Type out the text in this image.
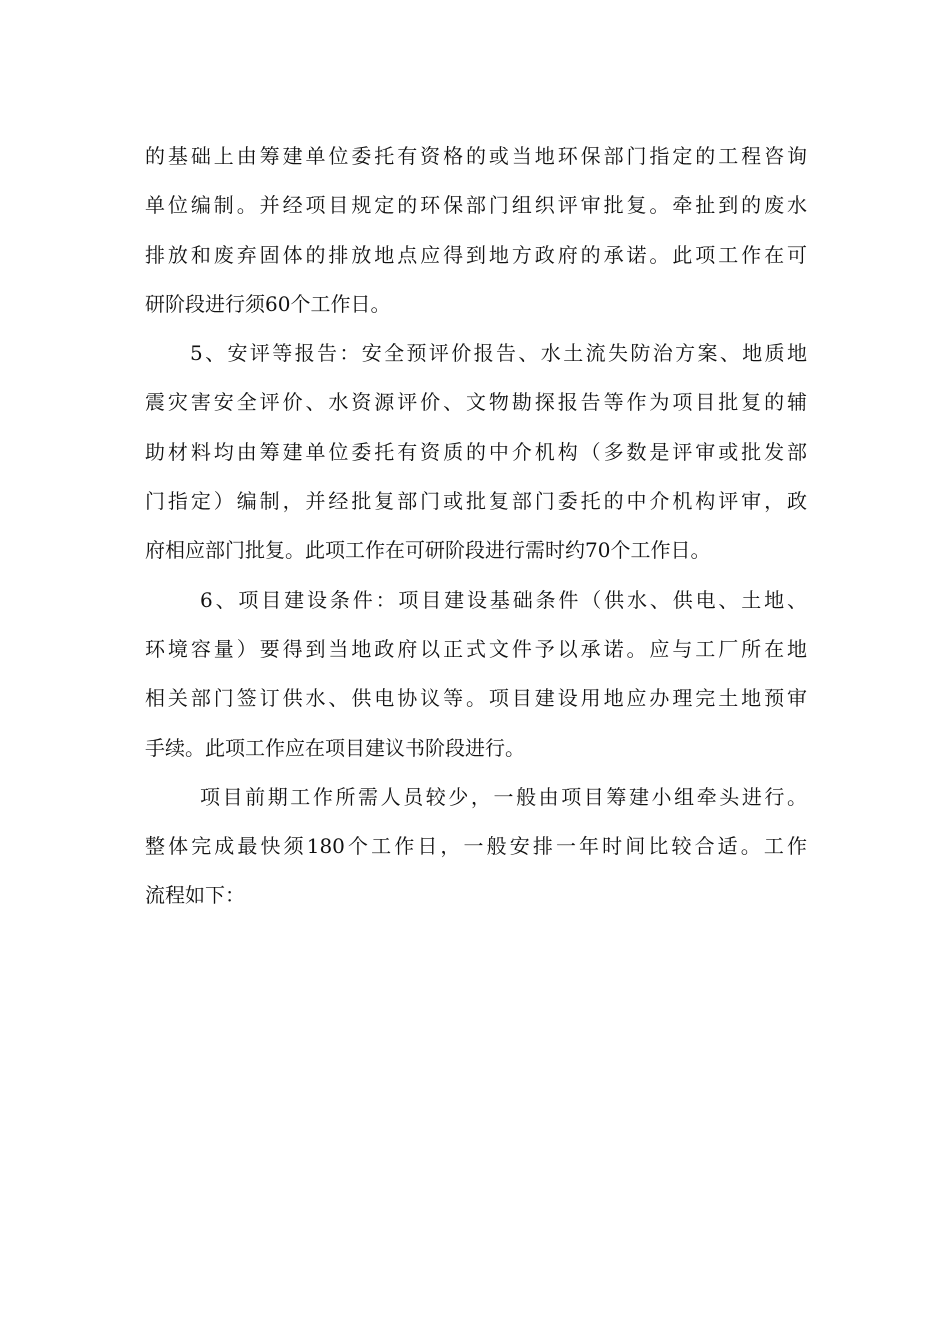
的基础上由筹建单位委托有资格的或当地环保部门指定的工程咨询
单位编制。并经项目规定的环保部门组织评审批复。牵扯到的废水
排放和废弃固体的排放地点应得到地方政府的承诺。此项工作在可
研阶段进行须60个工作日。
5、安评等报告：安全预评价报告、水土流失防治方案、地质地
震灾害安全评价、水资源评价、文物勘探报告等作为项目批复的辅
助材料均由筹建单位委托有资质的中介机构（多数是评审或批发部
门指定）编制，并经批复部门或批复部门委托的中介机构评审，政
府相应部门批复。此项工作在可研阶段进行需时约70个工作日。
6、项目建设条件：项目建设基础条件（供水、供电、土地、
环境容量）要得到当地政府以正式文件予以承诺。应与工厂所在地
相关部门签订供水、供电协议等。项目建设用地应办理完土地预审
手续。此项工作应在项目建议书阶段进行。
项目前期工作所需人员较少，一般由项目筹建小组牵头进行。
整体完成最快须180个工作日，一般安排一年时间比较合适。工作
流程如下：
